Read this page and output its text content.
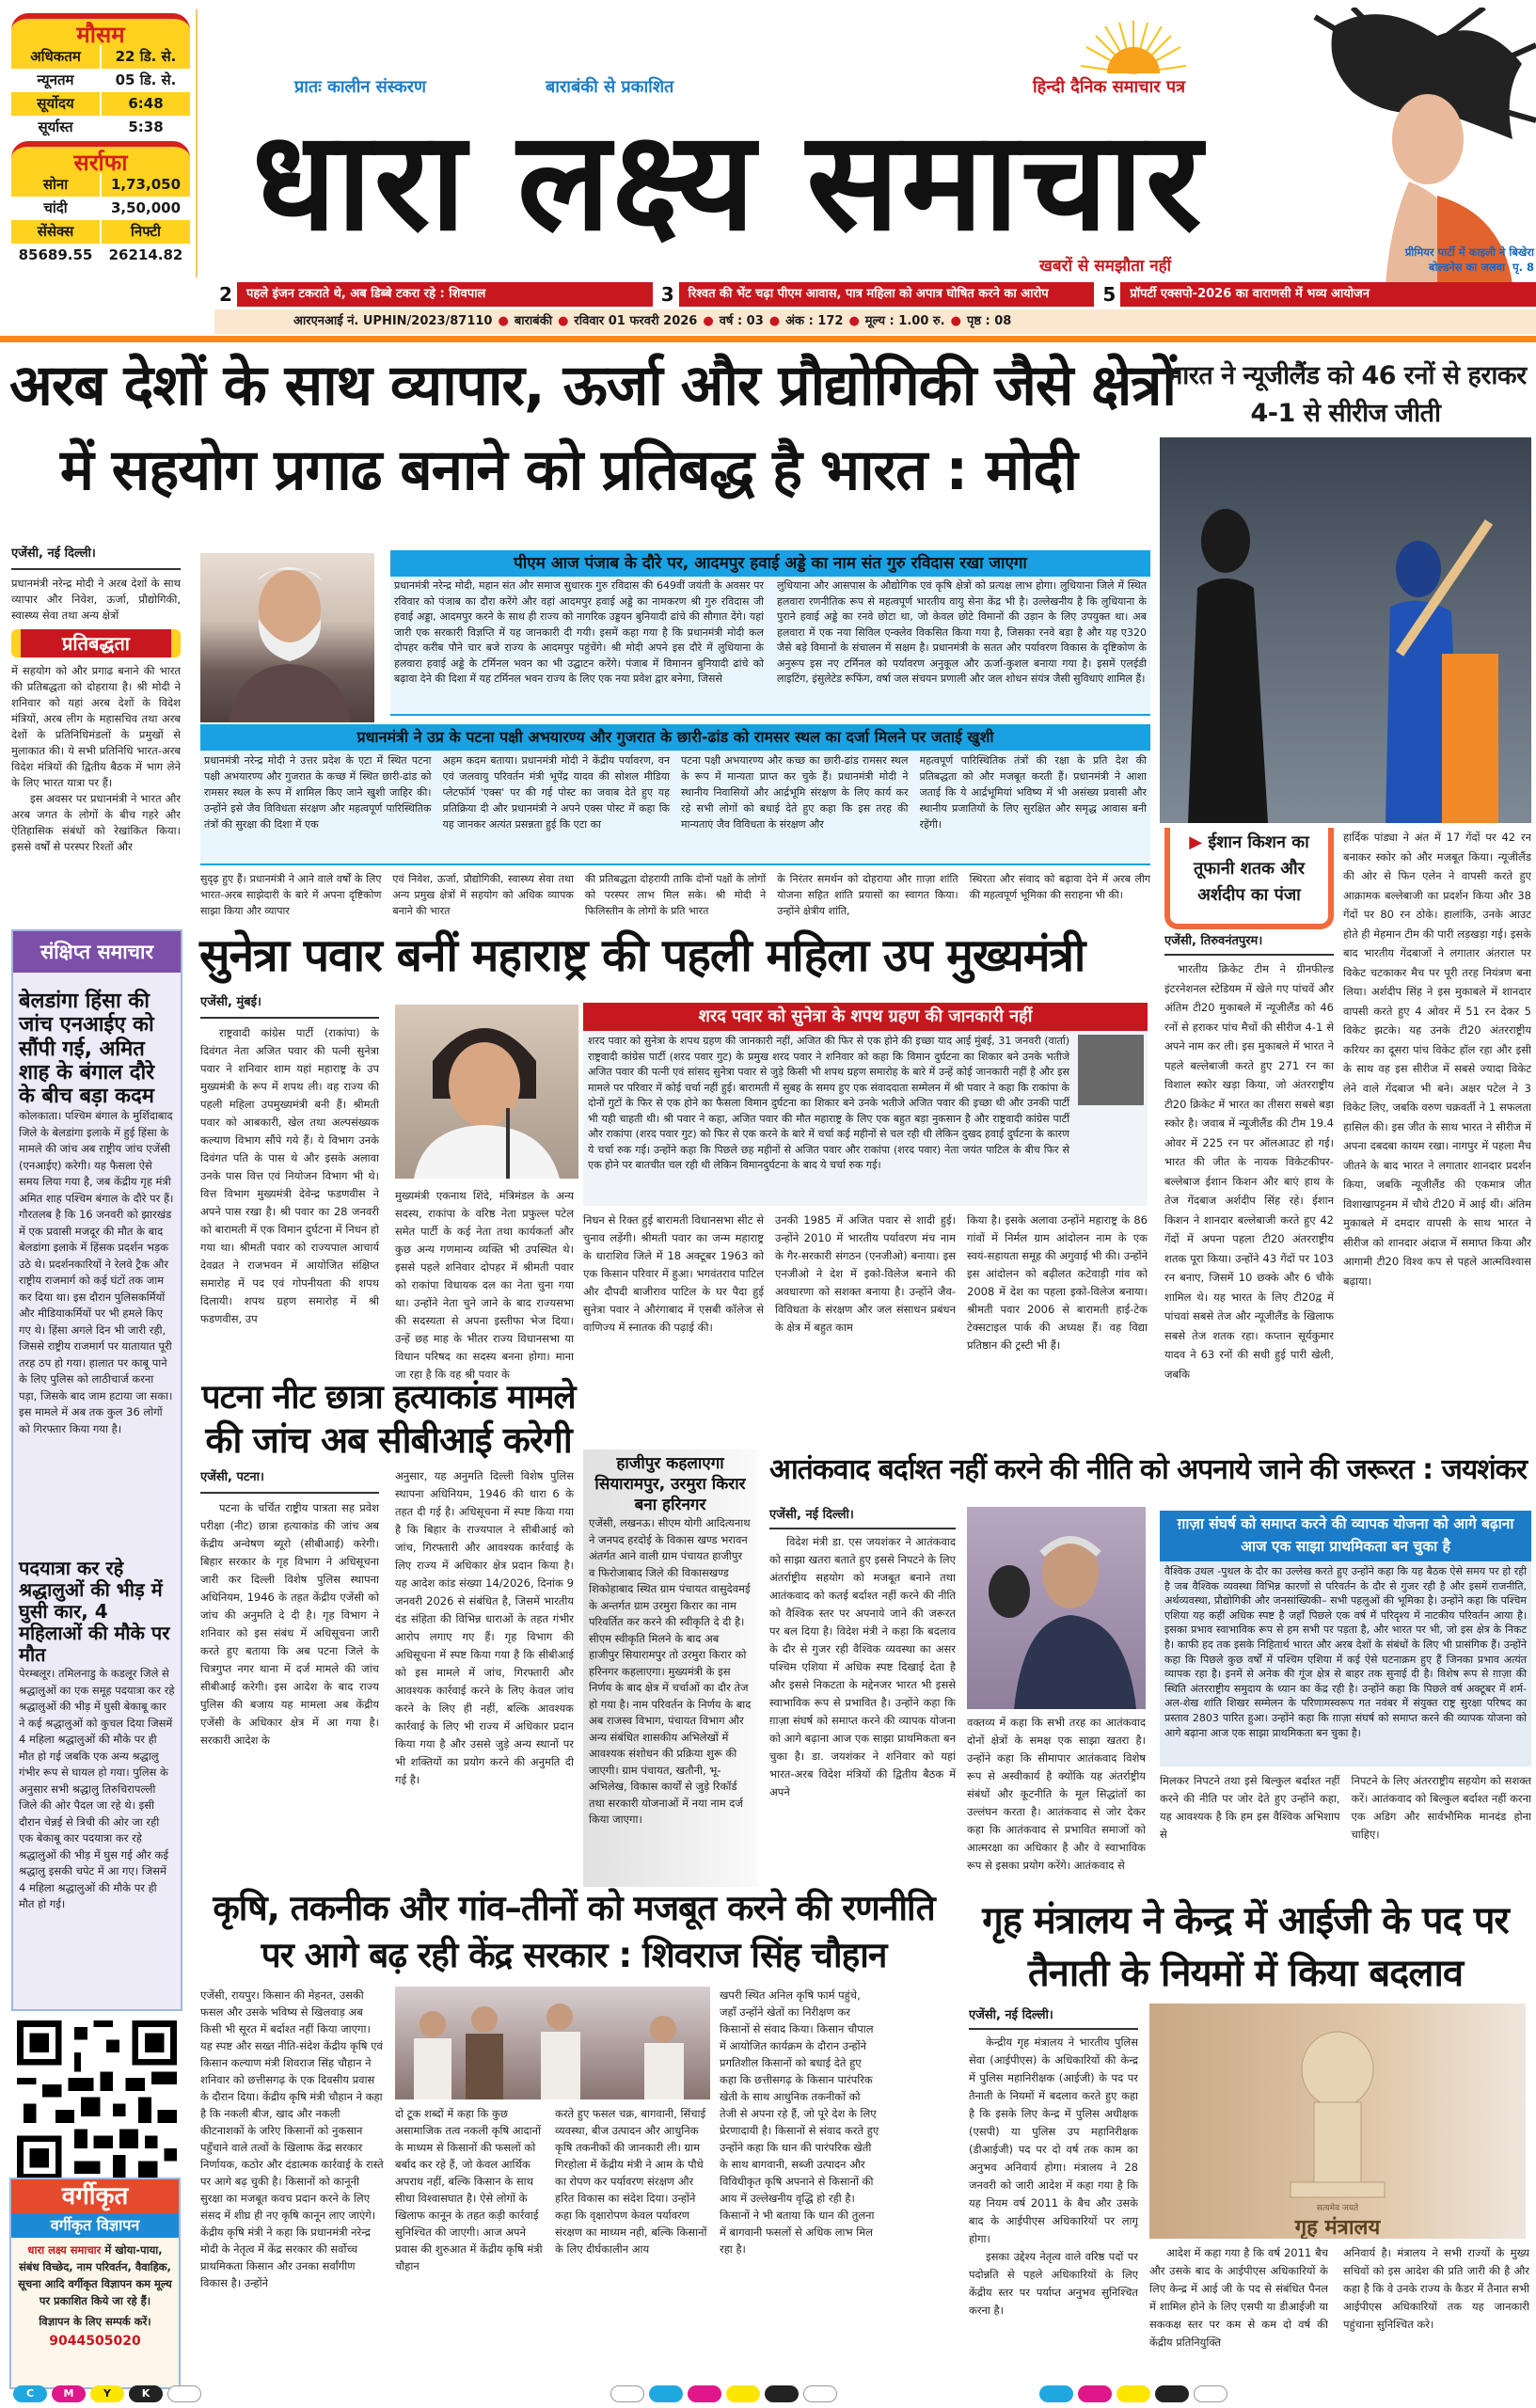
मौसम
अधिकतम	22 डि. से.
न्यूनतम	05 डि. से.
सूर्योदय	6:48
सूर्यास्त	5:38
सर्राफा
सोना	1,73,050
चांदी	3,50,000
सेंसेक्स	निफ्टी
85689.55	26214.82
प्रातः कालीन संस्करण	बाराबंकी से प्रकाशित	हिन्दी दैनिक समाचार पत्र
धारा लक्ष्य समाचार
खबरों से समझौता नहीं
प्रीमियर पार्टी में काइली ने बिखेरा
बोल्डनेस का जलवा पृ. 8
2	पहले इंजन टकराते थे, अब डिब्बे टकरा रहे : शिवपाल	3	रिश्वत की भेंट चढ़ा पीएम आवास, पात्र महिला को अपात्र घोषित करने का आरोप	5	प्रॉपर्टी एक्सपो-2026 का वाराणसी में भव्य आयोजन
आरएनआई नं. UPHIN/2023/87110 ● बाराबंकी ● रविवार 01 फरवरी 2026 ● वर्ष : 03 ● अंक : 172 ● मूल्य : 1.00 रु. ● पृष्ठ : 08
अरब देशों के साथ व्यापार, ऊर्जा और प्रौद्योगिकी जैसे क्षेत्रों
में सहयोग प्रगाढ बनाने को प्रतिबद्ध है भारत : मोदी
एजेंसी, नई दिल्ली।

प्रधानमंत्री नरेन्द्र मोदी ने अरब देशों के साथ व्यापार और निवेश, ऊर्जा, प्रौद्योगिकी, स्वास्थ्य सेवा तथा अन्य क्षेत्रों

प्रतिबद्धता

में सहयोग को और प्रगाढ बनाने की भारत की प्रतिबद्धता को दोहराया है। श्री मोदी ने शनिवार को यहां अरब देशों के विदेश मंत्रियों, अरब लीग के महासचिव तथा अरब देशों के प्रतिनिधिमंडलों के प्रमुखों से मुलाकात की। ये सभी प्रतिनिधि भारत-अरब विदेश मंत्रियों की द्वितीय बैठक में भाग लेने के लिए भारत यात्रा पर हैं।

इस अवसर पर प्रधानमंत्री ने भारत और अरब जगत के लोगों के बीच गहरे और ऐतिहासिक संबंधों को रेखांकित किया। इससे वर्षों से परस्पर रिश्तों और

पीएम आज पंजाब के दौरे पर, आदमपुर हवाई अड्डे का नाम संत गुरु रविदास रखा जाएगा

प्रधानमंत्री नरेन्द्र मोदी, महान संत और समाज सुधारक गुरु रविदास की 649वीं जयंती के अवसर पर रविवार को पंजाब का दौरा करेंगे और वहां आदमपुर हवाई अड्डे का नामकरण श्री गुरु रविदास जी हवाई अड्डा, आदमपुर करने के साथ ही राज्य को नागरिक उड्डयन बुनियादी ढांचे की सौगात देंगे। यहां जारी एक सरकारी विज्ञप्ति में यह जानकारी दी गयी। इसमें कहा गया है कि प्रधानमंत्री मोदी कल दोपहर करीब पौने चार बजे राज्य के आदमपुर पहुंचेंगे। श्री मोदी अपने इस दौरे में लुधियाना के हलवारा हवाई अड्डे के टर्मिनल भवन का भी उद्घाटन करेंगे। पंजाब में विमानन बुनियादी ढांचे को बढ़ावा देने की दिशा में यह टर्मिनल भवन राज्य के लिए एक नया प्रवेश द्वार बनेगा, जिससे

लुधियाना और आसपास के औद्योगिक एवं कृषि क्षेत्रों को प्रत्यक्ष लाभ होगा। लुधियाना जिले में स्थित हलवारा रणनीतिक रूप से महत्वपूर्ण भारतीय वायु सेना केंद्र भी है। उल्लेखनीय है कि लुधियाना के पुराने हवाई अड्डे का रनवे छोटा था, जो केवल छोटे विमानों की उड़ान के लिए उपयुक्त था। अब हलवारा में एक नया सिविल एन्क्लेव विकसित किया गया है, जिसका रनवे बड़ा है और यह ए320 जैसे बड़े विमानों के संचालन में सक्षम है। प्रधानमंत्री के सतत और पर्यावरण विकास के दृष्टिकोण के अनुरूप इस नए टर्मिनल को पर्यावरण अनुकूल और ऊर्जा-कुशल बनाया गया है। इसमें एलईडी लाइटिंग, इंसुलेटेड रूफिंग, वर्षा जल संचयन प्रणाली और जल शोधन संयंत्र जैसी सुविधाएं शामिल हैं।

प्रधानमंत्री ने उप्र के पटना पक्षी अभयारण्य और गुजरात के छारी-ढांड को रामसर स्थल का दर्जा मिलने पर जताई खुशी

प्रधानमंत्री नरेन्द्र मोदी ने उत्तर प्रदेश के एटा में स्थित पटना पक्षी अभयारण्य और गुजरात के कच्छ में स्थित छारी-ढांड को रामसर स्थल के रूप में शामिल किए जाने खुशी जाहिर की। उन्होंने इसे जैव विविधता संरक्षण और महत्वपूर्ण पारिस्थितिक तंत्रों की सुरक्षा की दिशा में एक

अहम कदम बताया। प्रधानमंत्री मोदी ने केंद्रीय पर्यावरण, वन एवं जलवायु परिवर्तन मंत्री भूपेंद्र यादव की सोशल मीडिया प्लेटफॉर्म 'एक्स' पर की गई पोस्ट का जवाब देते हुए यह प्रतिक्रिया दी और प्रधानमंत्री ने अपने एक्स पोस्ट में कहा कि यह जानकर अत्यंत प्रसन्नता हुई कि एटा का

पटना पक्षी अभयारण्य और कच्छ का छारी-ढांड रामसर स्थल के रूप में मान्यता प्राप्त कर चुके हैं। प्रधानमंत्री मोदी ने स्थानीय निवासियों और आर्द्रभूमि संरक्षण के लिए कार्य कर रहे सभी लोगों को बधाई देते हुए कहा कि इस तरह की मान्यताएं जैव विविधता के संरक्षण और

महत्वपूर्ण पारिस्थितिक तंत्रों की रक्षा के प्रति देश की प्रतिबद्धता को और मजबूत करती हैं। प्रधानमंत्री ने आशा जताई कि ये आर्द्रभूमियां भविष्य में भी असंख्य प्रवासी और स्थानीय प्रजातियों के लिए सुरक्षित और समृद्ध आवास बनी रहेंगी।

सुदृढ़ हुए हैं। प्रधानमंत्री ने आने वाले वर्षों के लिए भारत-अरब साझेदारी के बारे में अपना दृष्टिकोण साझा किया और व्यापार

एवं निवेश, ऊर्जा, प्रौद्योगिकी, स्वास्थ्य सेवा तथा अन्य प्रमुख क्षेत्रों में सहयोग को अधिक व्यापक बनाने की भारत

की प्रतिबद्धता दोहरायी ताकि दोनों पक्षों के लोगों को परस्पर लाभ मिल सके। श्री मोदी ने फिलिस्तीन के लोगों के प्रति भारत

के निरंतर समर्थन को दोहराया और ग़ाज़ा शांति योजना सहित शांति प्रयासों का स्वागत किया। उन्होंने क्षेत्रीय शांति,

स्थिरता और संवाद को बढ़ावा देने में अरब लीग की महत्वपूर्ण भूमिका की सराहना भी की।

भारत ने न्यूजीलैंड को 46 रनों से हराकर 4-1 से सीरीज जीती
▶ ईशान किशन का तूफानी शतक और अर्शदीप का पंजा
एजेंसी, तिरुवनंतपुरम।

भारतीय क्रिकेट टीम ने ग्रीनफील्ड इंटरनेशनल स्टेडियम में खेले गए पांचवें और अंतिम टी20 मुकाबले में न्यूजीलैंड को 46 रनों से हराकर पांच मैचों की सीरीज 4-1 से अपने नाम कर ली। इस मुकाबले में भारत ने पहले बल्लेबाजी करते हुए 271 रन का विशाल स्कोर खड़ा किया, जो अंतरराष्ट्रीय टी20 क्रिकेट में भारत का तीसरा सबसे बड़ा स्कोर है। जवाब में न्यूजीलैंड की टीम 19.4 ओवर में 225 रन पर ऑलआउट हो गई। भारत की जीत के नायक विकेटकीपर-बल्लेबाज ईशान किशन और बाएं हाथ के तेज गेंदबाज अर्शदीप सिंह रहे। ईशान किशन ने शानदार बल्लेबाजी करते हुए 42 गेंदों में अपना पहला टी20 अंतरराष्ट्रीय शतक पूरा किया। उन्होंने 43 गेंदों पर 103 रन बनाए, जिसमें 10 छक्के और 6 चौके शामिल थे। यह भारत के लिए टी20द्व में पांचवां सबसे तेज और न्यूजीलैंड के खिलाफ सबसे तेज शतक रहा। कप्तान सूर्यकुमार यादव ने 63 रनों की सधी हुई पारी खेली, जबकि

हार्दिक पांड्या ने अंत में 17 गेंदों पर 42 रन बनाकर स्कोर को और मजबूत किया। न्यूजीलैंड की ओर से फिन एलेन ने वापसी करते हुए आक्रामक बल्लेबाजी का प्रदर्शन किया और 38 गेंदों पर 80 रन ठोके। हालांकि, उनके आउट होते ही मेहमान टीम की पारी लड़खड़ा गई। इसके बाद भारतीय गेंदबाजों ने लगातार अंतराल पर विकेट चटकाकर मैच पर पूरी तरह नियंत्रण बना लिया। अर्शदीप सिंह ने इस मुकाबले में शानदार वापसी करते हुए 4 ओवर में 51 रन देकर 5 विकेट झटके। यह उनके टी20 अंतरराष्ट्रीय करियर का दूसरा पांच विकेट हॉल रहा और इसी के साथ वह इस सीरीज में सबसे ज्यादा विकेट लेने वाले गेंदबाज भी बने। अक्षर पटेल ने 3 विकेट लिए, जबकि वरुण चक्रवर्ती ने 1 सफलता हासिल की। इस जीत के साथ भारत ने सीरीज में अपना दबदबा कायम रखा। नागपुर में पहला मैच जीतने के बाद भारत ने लगातार शानदार प्रदर्शन किया, जबकि न्यूजीलैंड की एकमात्र जीत विशाखापट्टनम में चौथे टी20 में आई थी। अंतिम मुकाबले में दमदार वापसी के साथ भारत ने सीरीज को शानदार अंदाज में समाप्त किया और आगामी टी20 विश्व कप से पहले आत्मविश्वास बढ़ाया।

संक्षिप्त समाचार
बेलडांगा हिंसा की जांच एनआईए को सौंपी गई, अमित शाह के बंगाल दौरे के बीच बड़ा कदम

कोलकाता। पश्चिम बंगाल के मुर्शिदाबाद जिले के बेलडांगा इलाके में हुई हिंसा के मामले की जांच अब राष्ट्रीय जांच एजेंसी (एनआईए) करेगी। यह फैसला ऐसे समय लिया गया है, जब केंद्रीय गृह मंत्री अमित शाह पश्चिम बंगाल के दौरे पर हैं। गौरतलब है कि 16 जनवरी को झारखंड में एक प्रवासी मजदूर की मौत के बाद बेलडांगा इलाके में हिंसक प्रदर्शन भड़क उठे थे। प्रदर्शनकारियों ने रेलवे ट्रैक और राष्ट्रीय राजमार्ग को कई घंटों तक जाम कर दिया था। इस दौरान पुलिसकर्मियों और मीडियाकर्मियों पर भी हमले किए गए थे। हिंसा अगले दिन भी जारी रही, जिससे राष्ट्रीय राजमार्ग पर यातायात पूरी तरह ठप हो गया। हालात पर काबू पाने के लिए पुलिस को लाठीचार्ज करना पड़ा, जिसके बाद जाम हटाया जा सका। इस मामले में अब तक कुल 36 लोगों को गिरफ्तार किया गया है।

पदयात्रा कर रहे श्रद्धालुओं की भीड़ में घुसी कार, 4 महिलाओं की मौके पर मौत

पेरम्बलूर। तमिलनाडु के कडलूर जिले से श्रद्धालुओं का एक समूह पदयात्रा कर रहे श्रद्धालुओं की भीड़ में घुसी बेकाबू कार ने कई श्रद्धालुओं को कुचल दिया जिसमें 4 महिला श्रद्धालुओं की मौके पर ही मौत हो गई जबकि एक अन्य श्रद्धालु गंभीर रूप से घायल हो गया। पुलिस के अनुसार सभी श्रद्धालु तिरुचिरापल्ली जिले की ओर पैदल जा रहे थे। इसी दौरान चेन्नई से त्रिची की ओर जा रही एक बेकाबू कार पदयात्रा कर रहे श्रद्धालुओं की भीड़ में घुस गई और कई श्रद्धालु इसकी चपेट में आ गए। जिसमें 4 महिला श्रद्धालुओं की मौके पर ही मौत हो गई।

सुनेत्रा पवार बनीं महाराष्ट्र की पहली महिला उप मुख्यमंत्री
एजेंसी, मुंबई।

राष्ट्रवादी कांग्रेस पार्टी (राकांपा) के दिवंगत नेता अजित पवार की पत्नी सुनेत्रा पवार ने शनिवार शाम यहां महाराष्ट्र के उप मुख्यमंत्री के रूप में शपथ ली। वह राज्य की पहली महिला उपमुख्यमंत्री बनी हैं। श्रीमती पवार को आबकारी, खेल तथा अल्पसंख्यक कल्याण विभाग सौंपे गये हैं। ये विभाग उनके दिवंगत पति के पास थे और इसके अलावा उनके पास वित्त एवं नियोजन विभाग भी थे। वित्त विभाग मुख्यमंत्री देवेन्द्र फडणवीस ने अपने पास रखा है। श्री पवार का 28 जनवरी को बारामती में एक विमान दुर्घटना में निधन हो गया था। श्रीमती पवार को राज्यपाल आचार्य देवव्रत ने राजभवन में आयोजित संक्षिप्त समारोह में पद एवं गोपनीयता की शपथ दिलायी। शपथ ग्रहण समारोह में श्री फडणवीस, उप

मुख्यमंत्री एकनाथ शिंदे, मंत्रिमंडल के अन्य सदस्य, राकांपा के वरिष्ठ नेता प्रफुल्ल पटेल समेत पार्टी के कई नेता तथा कार्यकर्ता और कुछ अन्य गणमान्य व्यक्ति भी उपस्थित थे। इससे पहले शनिवार दोपहर में श्रीमती पवार को राकांपा विधायक दल का नेता चुना गया था। उन्होंने नेता चुने जाने के बाद राज्यसभा की सदस्यता से अपना इस्तीफा भेज दिया। उन्हें छह माह के भीतर राज्य विधानसभा या विधान परिषद का सदस्य बनना होगा। माना जा रहा है कि वह श्री पवार के

शरद पवार को सुनेत्रा के शपथ ग्रहण की जानकारी नहीं

शरद पवार को सुनेत्रा के शपथ ग्रहण की जानकारी नहीं, अजित की फिर से एक होने की इच्छा याद आई मुंबई, 31 जनवरी (वार्ता) राष्ट्रवादी कांग्रेस पार्टी (शरद पवार गुट) के प्रमुख शरद पवार ने शनिवार को कहा कि विमान दुर्घटना का शिकार बने उनके भतीजे अजित पवार की पत्नी एवं सांसद सुनेत्रा पवार से जुड़े किसी भी शपथ ग्रहण समारोह के बारे में उन्हें कोई जानकारी नहीं है और इस मामले पर परिवार में कोई चर्चा नहीं हुई। बारामती में सुबह के समय हुए एक संवाददाता सम्मेलन में श्री पवार ने कहा कि राकांपा के दोनों गुटों के फिर से एक होने का फैसला विमान दुर्घटना का शिकार बने उनके भतीजे अजित पवार की इच्छा थी और उनकी पार्टी भी यही चाहती थी। श्री पवार ने कहा, अजित पवार की मौत महाराष्ट्र के लिए एक बहुत बड़ा नुकसान है और राष्ट्रवादी कांग्रेस पार्टी और राकांपा (शरद पवार गुट) को फिर से एक करने के बारे में चर्चा कई महीनों से चल रही थी लेकिन दुखद हवाई दुर्घटना के कारण ये चर्चा रुक गई। उन्होंने कहा कि पिछले छह महीनों से अजित पवार और राकांपा (शरद पवार) नेता जयंत पाटिल के बीच फिर से एक होने पर बातचीत चल रही थी लेकिन विमानदुर्घटना के बाद ये चर्चा रुक गई।

निधन से रिक्त हुई बारामती विधानसभा सीट से चुनाव लड़ेंगी। श्रीमती पवार का जन्म महाराष्ट्र के धाराशिव जिले में 18 अक्टूबर 1963 को एक किसान परिवार में हुआ। भगवंतराव पाटिल और दौपदी बाजीराव पाटिल के घर पैदा हुई सुनेत्रा पवार ने औरंगाबाद में एसबी कॉलेज से वाणिज्य में स्नातक की पढ़ाई की।

उनकी 1985 में अजित पवार से शादी हुई। उन्होंने 2010 में भारतीय पर्यावरण मंच नाम के गैर-सरकारी संगठन (एनजीओ) बनाया। इस एनजीओ ने देश में इको-विलेज बनाने की अवधारणा को सशक्त बनाया है। उन्होंने जैव-विविधता के संरक्षण और जल संसाधन प्रबंधन के क्षेत्र में बहुत काम

किया है। इसके अलावा उन्होंने महाराष्ट्र के 86 गांवों में निर्मल ग्राम आंदोलन नाम के एक स्वयं-सहायता समूह की अगुवाई भी की। उन्होंने इस आंदोलन को बढ़ीलत कटेवाड़ी गांव को 2008 में देश का पहला इको-विलेज बनाया। श्रीमती पवार 2006 से बारामती हाई-टेक टेक्सटाइल पार्क की अध्यक्ष हैं। वह विद्या प्रतिष्ठान की ट्रस्टी भी हैं।

पटना नीट छात्रा हत्याकांड मामले
की जांच अब सीबीआई करेगी
एजेंसी, पटना।

पटना के चर्चित राष्ट्रीय पात्रता सह प्रवेश परीक्षा (नीट) छात्रा हत्याकांड की जांच अब केंद्रीय अन्वेषण ब्यूरो (सीबीआई) करेगी। बिहार सरकार के गृह विभाग ने अधिसूचना जारी कर दिल्ली विशेष पुलिस स्थापना अधिनियम, 1946 के तहत केंद्रीय एजेंसी को जांच की अनुमति दे दी है। गृह विभाग ने शनिवार को इस संबंध में अधिसूचना जारी करते हुए बताया कि अब पटना जिले के चित्रगुप्त नगर थाना में दर्ज मामले की जांच सीबीआई करेगी। इस आदेश के बाद राज्य पुलिस की बजाय यह मामला अब केंद्रीय एजेंसी के अधिकार क्षेत्र में आ गया है। सरकारी आदेश के

अनुसार, यह अनुमति दिल्ली विशेष पुलिस स्थापना अधिनियम, 1946 की धारा 6 के तहत दी गई है। अधिसूचना में स्पष्ट किया गया है कि बिहार के राज्यपाल ने सीबीआई को जांच, गिरफ्तारी और आवश्यक कार्रवाई के लिए राज्य में अधिकार क्षेत्र प्रदान किया है। यह आदेश कांड संख्या 14/2026, दिनांक 9 जनवरी 2026 से संबंधित है, जिसमें भारतीय दंड संहिता की विभिन्न धाराओं के तहत गंभीर आरोप लगाए गए हैं। गृह विभाग की अधिसूचना में स्पष्ट किया गया है कि सीबीआई को इस मामले में जांच, गिरफ्तारी और आवश्यक कार्रवाई करने के लिए केवल जांच करने के लिए ही नहीं, बल्कि आवश्यक कार्रवाई के लिए भी राज्य में अधिकार प्रदान किया गया है और उससे जुड़े अन्य स्थानों पर भी शक्तियों का प्रयोग करने की अनुमति दी गई है।

हाजीपुर कहलाएगा सियारामपुर, उरमुरा किरार बना हरिनगर

एजेंसी, लखनऊ। सीएम योगी आदित्यनाथ ने जनपद हरदोई के विकास खण्ड भरावन अंतर्गत आने वाली ग्राम पंचायत हाजीपुर व फिरोजाबाद जिले की विकासखण्ड शिकोहाबाद स्थित ग्राम पंचायत वासुदेवमई के अन्तर्गत ग्राम उरमुरा किरार का नाम परिवर्तित कर करने की स्वीकृति दे दी है। सीएम स्वीकृति मिलने के बाद अब हाजीपुर सियारामपुर तो उरमुरा किरार को हरिनगर कहलाएगा। मुख्यमंत्री के इस निर्णय के बाद क्षेत्र में चर्चाओं का दौर तेज हो गया है। नाम परिवर्तन के निर्णय के बाद अब राजस्व विभाग, पंचायत विभाग और अन्य संबंधित शासकीय अभिलेखों में आवश्यक संशोधन की प्रक्रिया शुरू की जाएगी। ग्राम पंचायत, खतौनी, भू-अभिलेख, विकास कार्यों से जुड़े रिकॉर्ड तथा सरकारी योजनाओं में नया नाम दर्ज किया जाएगा।

आतंकवाद बर्दाश्त नहीं करने की नीति को अपनाये जाने की जरूरत : जयशंकर
एजेंसी, नई दिल्ली।

विदेश मंत्री डा. एस जयशंकर ने आतंकवाद को साझा खतरा बताते हुए इससे निपटने के लिए अंतर्राष्ट्रीय सहयोग को मजबूत बनाने तथा आतंकवाद को कतई बर्दाश्त नहीं करने की नीति को वैश्विक स्तर पर अपनाये जाने की जरूरत पर बल दिया है। विदेश मंत्री ने कहा कि बदलाव के दौर से गुजर रही वैश्विक व्यवस्था का असर पश्चिम एशिया में अधिक स्पष्ट दिखाई देता है और इससे निकटता के मद्देनजर भारत भी इससे स्वाभाविक रूप से प्रभावित है। उन्होंने कहा कि ग़ाज़ा संघर्ष को समाप्त करने की व्यापक योजना को आगे बढ़ाना आज एक साझा प्राथमिकता बन चुका है। डा. जयशंकर ने शनिवार को यहां भारत-अरब विदेश मंत्रियों की द्वितीय बैठक में अपने

वक्तव्य में कहा कि सभी तरह का आतंकवाद दोनों क्षेत्रों के समक्ष एक साझा खतरा है। उन्होंने कहा कि सीमापार आतंकवाद विशेष रूप से अस्वीकार्य है क्योंकि यह अंतर्राष्ट्रीय संबंधों और कूटनीति के मूल सिद्धांतों का उल्लंघन करता है। आतंकवाद से जोर देकर कहा कि आतंकवाद से प्रभावित समाजों को आत्मरक्षा का अधिकार है और वे स्वाभाविक रूप से इसका प्रयोग करेंगे। आतंकवाद से

ग़ाज़ा संघर्ष को समाप्त करने की व्यापक योजना को आगे बढ़ाना आज एक साझा प्राथमिकता बन चुका है

वैश्विक उथल -पुथल के दौर का उल्लेख करते हुए उन्होंने कहा कि यह बैठक ऐसे समय पर हो रही है जब वैश्विक व्यवस्था विभिन्न कारणों से परिवर्तन के दौर से गुजर रही है और इसमें राजनीति, अर्थव्यवस्था, प्रौद्योगिकी और जनसांख्यिकी– सभी पहलुओं की भूमिका है। उन्होंने कहा कि पश्चिम एशिया यह कहीं अधिक स्पष्ट है जहाँ पिछले एक वर्ष में परिदृश्य में नाटकीय परिवर्तन आया है। इसका प्रभाव स्वाभाविक रूप से हम सभी पर पड़ता है, और भारत पर भी, जो इस क्षेत्र के निकट है। काफी हद तक इसके निहितार्थ भारत और अरब देशों के संबंधों के लिए भी प्रासंगिक हैं। उन्होंने कहा कि पिछले कुछ वर्षों में पश्चिम एशिया में कई ऐसे घटनाक्रम हुए हैं जिनका प्रभाव अत्यंत व्यापक रहा है। इनमें से अनेक की गूंज क्षेत्र से बाहर तक सुनाई दी है। विशेष रूप से ग़ाज़ा की स्थिति अंतरराष्ट्रीय समुदाय के ध्यान का केंद्र रही है। उन्होंने कहा कि पिछले वर्ष अक्टूबर में शर्म-अल-शेख शांति शिखर सम्मेलन के परिणामस्वरूप गत नवंबर में संयुक्त राष्ट्र सुरक्षा परिषद का प्रस्ताव 2803 पारित हुआ। उन्होंने कहा कि ग़ाज़ा संघर्ष को समाप्त करने की व्यापक योजना को आगे बढ़ाना आज एक साझा प्राथमिकता बन चुका है।

मिलकर निपटने तथा इसे बिल्कुल बर्दाश्त नहीं करने की नीति पर जोर देते हुए उन्होंने कहा, यह आवश्यक है कि हम इस वैश्विक अभिशाप से

निपटने के लिए अंतरराष्ट्रीय सहयोग को सशक्त करें। आतंकवाद को बिल्कुल बर्दाश्त नहीं करना एक अडिग और सार्वभौमिक मानदंड होना चाहिए।

कृषि, तकनीक और गांव–तीनों को मजबूत करने की रणनीति
पर आगे बढ़ रही केंद्र सरकार : शिवराज सिंह चौहान

एजेंसी, रायपुर। किसान की मेहनत, उसकी फसल और उसके भविष्य से खिलवाड़ अब किसी भी सूरत में बर्दाश्त नहीं किया जाएगा। यह स्पष्ट और सख्त नीति-संदेश केंद्रीय कृषि एवं किसान कल्याण मंत्री शिवराज सिंह चौहान ने शनिवार को छत्तीसगढ़ के एक दिवसीय प्रवास के दौरान दिया। केंद्रीय कृषि मंत्री चौहान ने कहा है कि नकली बीज, खाद और नकली कीटनाशकों के जरिए किसानों को नुकसान पहुँचाने वाले तत्वों के खिलाफ केंद्र सरकार निर्णायक, कठोर और दंडात्मक कार्रवाई के रास्ते पर आगे बढ़ चुकी है। किसानों को कानूनी सुरक्षा का मजबूत कवच प्रदान करने के लिए संसद में शीघ्र ही नए कृषि कानून लाए जाएंगे। केंद्रीय कृषि मंत्री ने कहा कि प्रधानमंत्री नरेन्द्र मोदी के नेतृत्व में केंद्र सरकार की सर्वोच्च प्राथमिकता किसान और उनका सर्वांगीण विकास है। उन्होंने

दो टूक शब्दों में कहा कि कुछ असामाजिक तत्व नकली कृषि आदानों के माध्यम से किसानों की फसलों को बर्बाद कर रहे हैं, जो केवल आर्थिक अपराध नहीं, बल्कि किसान के साथ सीधा विश्वासघात है। ऐसे लोगों के खिलाफ कानून के तहत कड़ी कार्रवाई सुनिश्चित की जाएगी। आज अपने प्रवास की शुरुआत में केंद्रीय कृषि मंत्री चौहान

करते हुए फसल चक्र, बागवानी, सिंचाई व्यवस्था, बीज उत्पादन और आधुनिक कृषि तकनीकों की जानकारी ली। ग्राम गिरहोला में केंद्रीय मंत्री ने आम के पौधे का रोपण कर पर्यावरण संरक्षण और हरित विकास का संदेश दिया। उन्होंने कहा कि वृक्षारोपण केवल पर्यावरण संरक्षण का माध्यम नही, बल्कि किसानों के लिए दीर्घकालीन आय

खपरी स्थित अनिल कृषि फार्म पहुंचे, जहाँ उन्होंने खेतों का निरीक्षण कर किसानों से संवाद किया। किसान चौपाल में आयोजित कार्यक्रम के दौरान उन्होंने प्रगतिशील किसानों को बधाई देते हुए कहा कि छत्तीसगढ़ के किसान पारंपरिक खेती के साथ आधुनिक तकनीकों को तेजी से अपना रहे हैं, जो पूरे देश के लिए प्रेरणादायी है। किसानों से संवाद करते हुए उन्होंने कहा कि धान की पारंपरिक खेती के साथ बागवानी, सब्जी उत्पादन और विविधीकृत कृषि अपनाने से किसानों की आय में उल्लेखनीय वृद्धि हो रही है। किसानों ने भी बताया कि धान की तुलना में बागवानी फसलों से अधिक लाभ मिल रहा है।

गृह मंत्रालय ने केन्द्र में आईजी के पद पर
तैनाती के नियमों में किया बदलाव
एजेंसी, नई दिल्ली।

केन्द्रीय गृह मंत्रालय ने भारतीय पुलिस सेवा (आईपीएस) के अधिकारियों की केन्द्र में पुलिस महानिरीक्षक (आईजी) के पद पर तैनाती के नियमों में बदलाव करते हुए कहा है कि इसके लिए केन्द्र में पुलिस अधीक्षक (एसपी) या पुलिस उप महानिरीक्षक (डीआईजी) पद पर दो वर्ष तक काम का अनुभव अनिवार्य होगा। मंत्रालय ने 28 जनवरी को जारी आदेश में कहा गया है कि यह नियम वर्ष 2011 के बैच और उसके बाद के आईपीएस अधिकारियों पर लागू होगा।

इसका उद्देश्य नेतृत्व वाले वरिष्ठ पदों पर पदोन्नति से पहले अधिकारियों के लिए केंद्रीय स्तर पर पर्याप्त अनुभव सुनिश्चित करना है।

सत्यमेव जयते
गृह मंत्रालय

आदेश में कहा गया है कि वर्ष 2011 बैच और उसके बाद के आईपीएस अधिकारियों के लिए केन्द्र में आई जी के पद से संबंधित पैनल में शामिल होने के लिए एसपी या डीआईजी या सककक्ष स्तर पर कम से कम दो वर्ष की केंद्रीय प्रतिनियुक्ति

अनिवार्य है। मंत्रालय ने सभी राज्यों के मुख्य सचिवों को इस आदेश की प्रति जारी की है और कहा है कि वे उनके राज्य के कैडर में तैनात सभी आईपीएस अधिकारियों तक यह जानकारी पहुंचाना सुनिश्चित करे।

वर्गीकृत
वर्गीकृत विज्ञापन

धारा लक्ष्य समाचार में खोया-पाया, संबंध विच्छेद, नाम परिवर्तन, वैवाहिक, सूचना आदि वर्गीकृत विज्ञापन कम मूल्य पर प्रकाशित किये जा रहे हैं।

विज्ञापन के लिए सम्पर्क करें।

9044505020
C	M	Y	K
